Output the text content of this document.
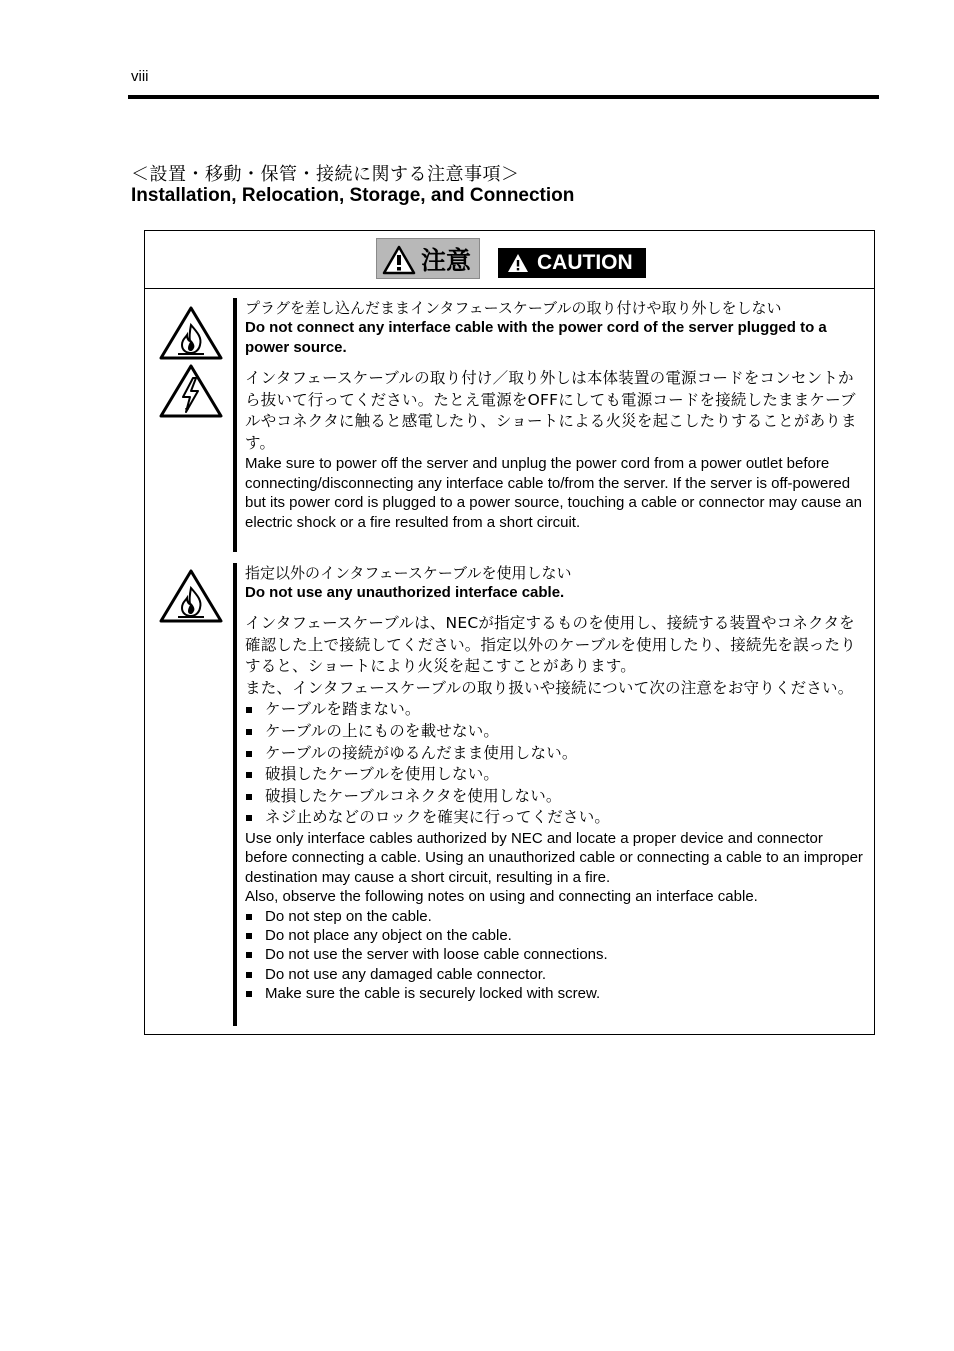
viii
＜設置・移動・保管・接続に関する注意事項＞
Installation, Relocation, Storage, and Connection
注意	CAUTION
プラグを差し込んだままインタフェースケーブルの取り付けや取り外しをしない
Do not connect any interface cable with the power cord of the server plugged to a power source.
インタフェースケーブルの取り付け／取り外しは本体装置の電源コードをコンセントから抜いて行ってください。たとえ電源をOFFにしても電源コードを接続したままケーブルやコネクタに触ると感電したり、ショートによる火災を起こしたりすることがあります。
Make sure to power off the server and unplug the power cord from a power outlet before connecting/disconnecting any interface cable to/from the server. If the server is off-powered but its power cord is plugged to a power source, touching a cable or connector may cause an electric shock or a fire resulted from a short circuit.
指定以外のインタフェースケーブルを使用しない
Do not use any unauthorized interface cable.
インタフェースケーブルは、NECが指定するものを使用し、接続する装置やコネクタを確認した上で接続してください。指定以外のケーブルを使用したり、接続先を誤ったりすると、ショートにより火災を起こすことがあります。
また、インタフェースケーブルの取り扱いや接続について次の注意をお守りください。
ケーブルを踏まない。
ケーブルの上にものを載せない。
ケーブルの接続がゆるんだまま使用しない。
破損したケーブルを使用しない。
破損したケーブルコネクタを使用しない。
ネジ止めなどのロックを確実に行ってください。
Use only interface cables authorized by NEC and locate a proper device and connector before connecting a cable. Using an unauthorized cable or connecting a cable to an improper destination may cause a short circuit, resulting in a fire.
Also, observe the following notes on using and connecting an interface cable.
Do not step on the cable.
Do not place any object on the cable.
Do not use the server with loose cable connections.
Do not use any damaged cable connector.
Make sure the cable is securely locked with screw.
